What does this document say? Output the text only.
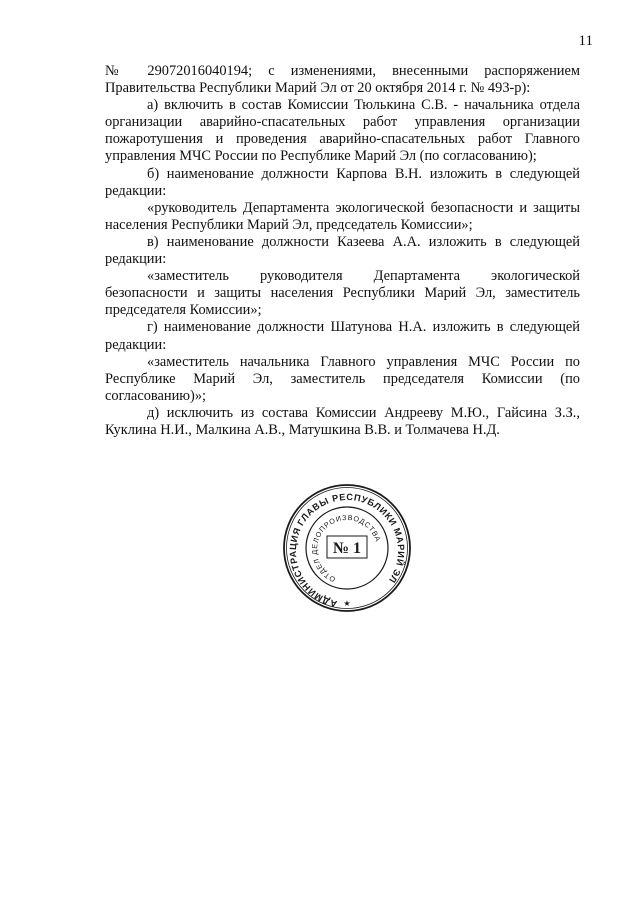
11

№ 29072016040194; с изменениями, внесенными распоряжением Правительства Республики Марий Эл от 20 октября 2014 г. № 493-р):

а) включить в состав Комиссии Тюлькина С.В. - начальника отдела организации аварийно-спасательных работ управления организации пожаротушения и проведения аварийно-спасательных работ Главного управления МЧС России по Республике Марий Эл (по согласованию);

б) наименование должности Карпова В.Н. изложить в следующей редакции:

«руководитель Департамента экологической безопасности и защиты населения Республики Марий Эл, председатель Комиссии»;

в) наименование должности Казеева А.А. изложить в следующей редакции:

«заместитель руководителя Департамента экологической безопасности и защиты населения Республики Марий Эл, заместитель председателя Комиссии»;

г) наименование должности Шатунова Н.А. изложить в следующей редакции:

«заместитель начальника Главного управления МЧС России по Республике Марий Эл, заместитель председателя Комиссии (по согласованию)»;

д) исключить из состава Комиссии Андрееву М.Ю., Гайсина З.З., Куклина Н.И., Малкина А.В., Матушкина В.В. и Толмачева Н.Д.

АДМИНИСТРАЦИЯ ГЛАВЫ РЕСПУБЛИКИ МАРИЙ ЭЛ
ОТДЕЛ ДЕЛОПРОИЗВОДСТВА
№ 1
★
